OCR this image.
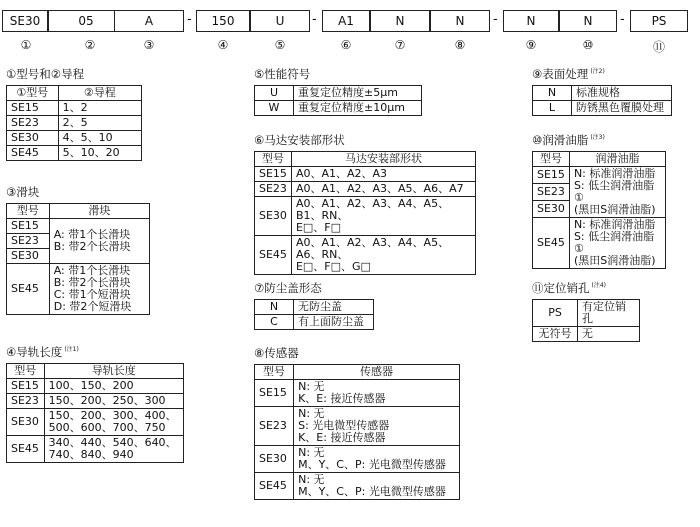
SE30	05	A	-	150	U	-	A1	N	N	-	N	N	-	PS
①	②	③	④	⑤	⑥	⑦	⑧	⑨	⑩	⑪
①型号和②导程
①型号	②导程
SE15	1、2
SE23	2、5
SE30	4、5、10
SE45	5、10、20
③滑块
型号	滑块
SE15	A: 带1个长滑块
B: 带2个长滑块
SE23	
SE30	
SE45	A: 带1个长滑块
B: 带2个长滑块
C: 带1个短滑块
D: 带2个短滑块
④导轨长度 $^{(注1)}$
型号	导轨长度
SE15	100、150、200
SE23	150、200、250、300
SE30	150、200、300、400、
500、600、700、750
SE45	340、440、540、640、
740、840、940
⑤性能符号
U	重复定位精度±5μm
W	重复定位精度±10μm
⑥马达安装部形状
型号	马达安装部形状
SE15	A0、A1、A2、A3
SE23	A0、A1、A2、A3、A5、A6、A7
SE30	A0、A1、A2、A3、A4、A5、B1、RN、
E□、F□
SE45	A0、A1、A2、A3、A4、A5、A6、RN、
E□、F□、G□
⑦防尘盖形态
N	无防尘盖
C	有上面防尘盖
⑧传感器
型号	传感器
SE15	N: 无
K、E: 接近传感器
SE23	N: 无
S: 光电微型传感器
K、E: 接近传感器
SE30	N: 无
M、Y、C、P: 光电微型传感器
SE45	N: 无
M、Y、C、P: 光电微型传感器
⑨表面处理 $^{(注2)}$
N	标准规格
L	防锈黑色覆膜处理
⑩润滑油脂 $^{(注3)}$
型号	润滑油脂
SE15	N: 标准润滑油脂
S: 低尘润滑油脂①
(黑田S润滑油脂)
SE23	
SE30	
SE45	N: 标准润滑油脂
S: 低尘润滑油脂①
(黑田S润滑油脂)
⑪定位销孔 $^{(注4)}$
PS	有定位销孔
无符号	无
